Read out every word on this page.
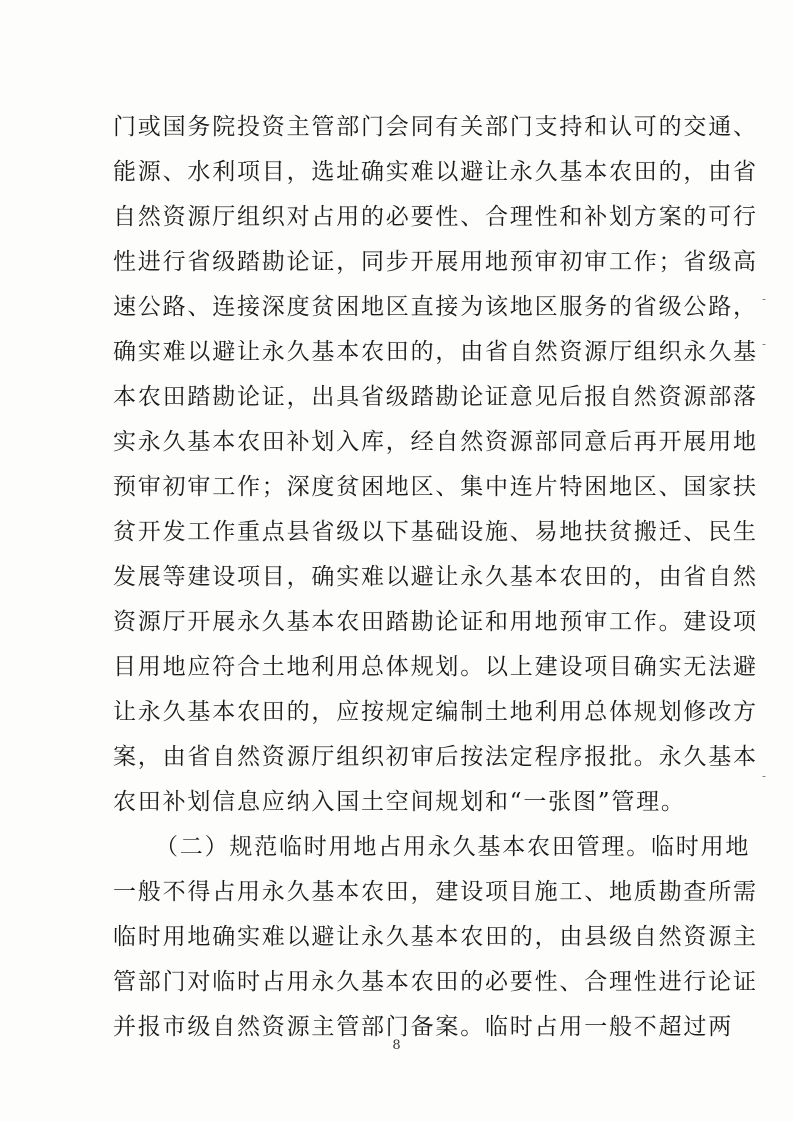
门或国务院投资主管部门会同有关部门支持和认可的交通、
能源、水利项目，选址确实难以避让永久基本农田的，由省
自然资源厅组织对占用的必要性、合理性和补划方案的可行
性进行省级踏勘论证，同步开展用地预审初审工作；省级高
速公路、连接深度贫困地区直接为该地区服务的省级公路，
确实难以避让永久基本农田的，由省自然资源厅组织永久基
本农田踏勘论证，出具省级踏勘论证意见后报自然资源部落
实永久基本农田补划入库，经自然资源部同意后再开展用地
预审初审工作；深度贫困地区、集中连片特困地区、国家扶
贫开发工作重点县省级以下基础设施、易地扶贫搬迁、民生
发展等建设项目，确实难以避让永久基本农田的，由省自然
资源厅开展永久基本农田踏勘论证和用地预审工作。建设项
目用地应符合土地利用总体规划。以上建设项目确实无法避
让永久基本农田的，应按规定编制土地利用总体规划修改方
案，由省自然资源厅组织初审后按法定程序报批。永久基本
农田补划信息应纳入国土空间规划和“一张图”管理。
（二）规范临时用地占用永久基本农田管理。临时用地
一般不得占用永久基本农田，建设项目施工、地质勘查所需
临时用地确实难以避让永久基本农田的，由县级自然资源主
管部门对临时占用永久基本农田的必要性、合理性进行论证
并报市级自然资源主管部门备案。临时占用一般不超过两
8
-
-
-
